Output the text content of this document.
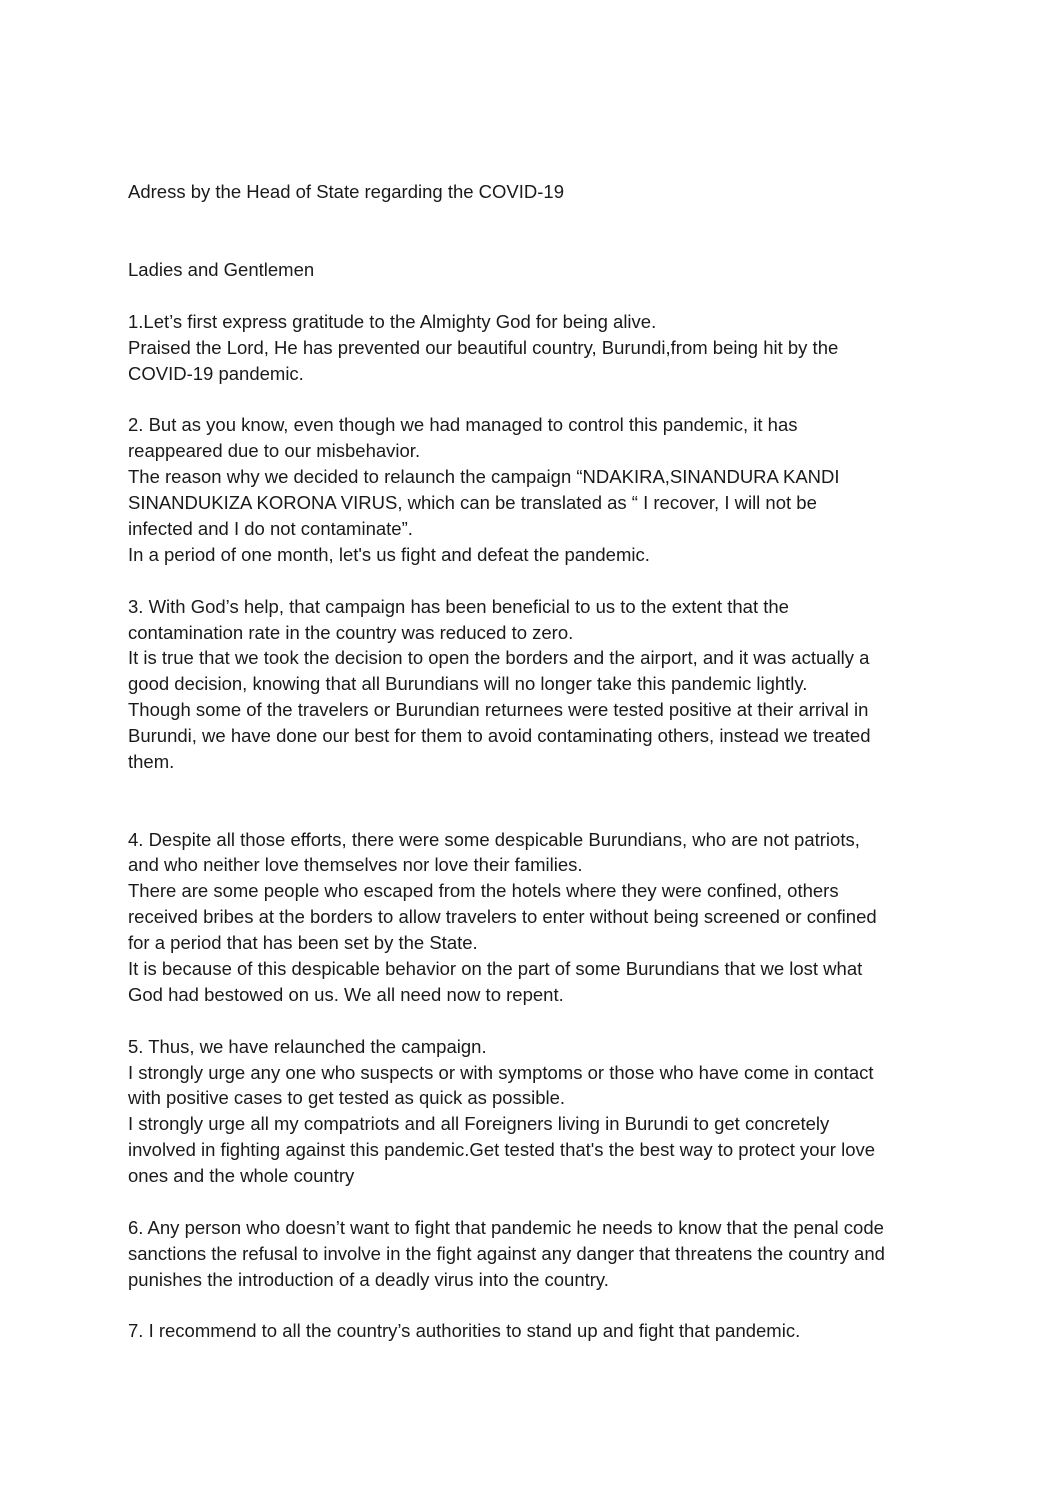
Adress by the Head of State regarding the COVID-19

Ladies and Gentlemen

1.Let’s first express gratitude to the Almighty God for being alive.

Praised the Lord, He has prevented our beautiful country, Burundi,from being hit by the

COVID-19 pandemic.

2. But as you know, even though we had managed to control this pandemic, it has

reappeared due to our misbehavior.

The reason why we decided to relaunch the campaign “NDAKIRA,SINANDURA KANDI

SINANDUKIZA KORONA VIRUS, which can be translated as “ I recover, I will not be

infected and I do not contaminate”.

In a period of one month, let's us fight and defeat the pandemic.

3. With God’s help, that campaign has been beneficial to us to the extent that the

contamination rate in the country was reduced to zero.

It is true that we took the decision to open the borders and the airport, and it was actually a

good decision, knowing that all Burundians will no longer take this pandemic lightly.

Though some of the travelers or Burundian returnees were tested positive at their arrival in

Burundi, we have done our best for them to avoid contaminating others, instead we treated

them.

4. Despite all those efforts, there were some despicable Burundians, who are not patriots,

and who neither love themselves nor love their families.

There are some people who escaped from the hotels where they were confined, others

received bribes at the borders to allow travelers to enter without being screened or confined

for a period that has been set by the State.

It is because of this despicable behavior on the part of some Burundians that we lost what

God had bestowed on us. We all need now to repent.

5. Thus, we have relaunched the campaign.

I strongly urge any one who suspects or with symptoms or those who have come in contact

with positive cases to get tested as quick as possible.

I strongly urge all my compatriots and all Foreigners living in Burundi to get concretely

involved in fighting against this pandemic.Get tested that's the best way to protect your love

ones and the whole country

6. Any person who doesn’t want to fight that pandemic he needs to know that the penal code

sanctions the refusal to involve in the fight against any danger that threatens the country and

punishes the introduction of a deadly virus into the country.

7. I recommend to all the country’s authorities to stand up and fight that pandemic.
